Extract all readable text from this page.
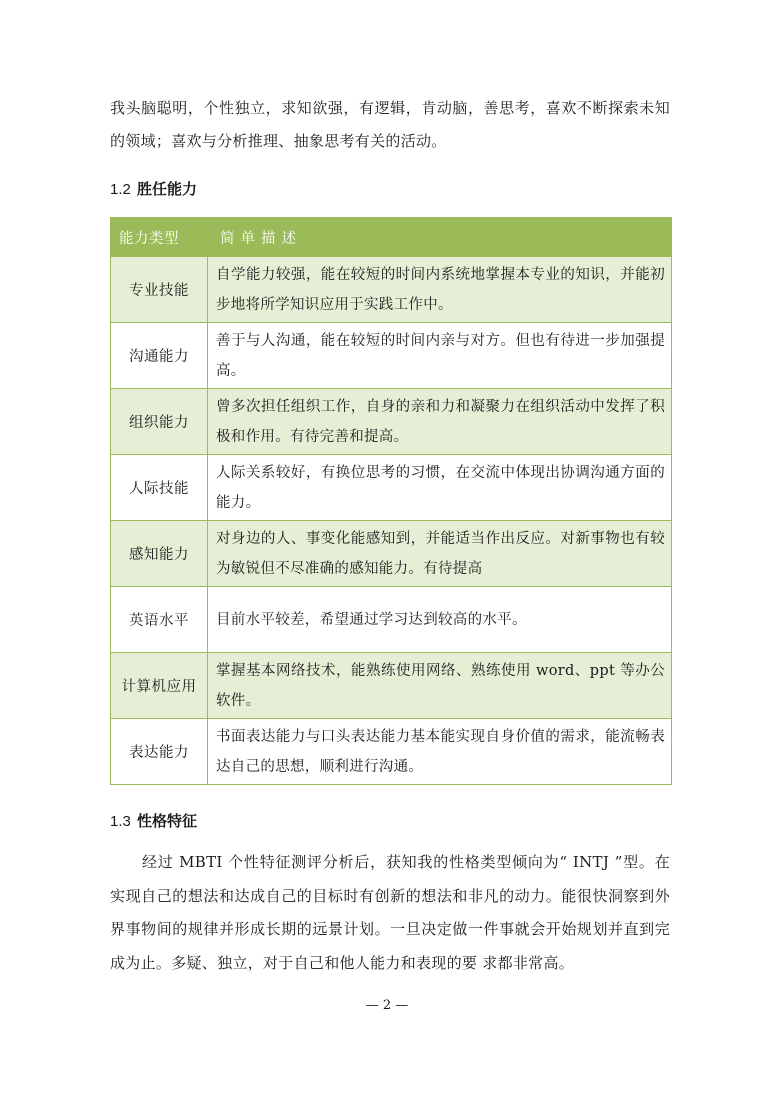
我头脑聪明，个性独立，求知欲强，有逻辑，肯动脑，善思考，喜欢不断探索未知的领域；喜欢与分析推理、抽象思考有关的活动。

1.2 胜任能力
能力类型	简单描述
专业技能	自学能力较强，能在较短的时间内系统地掌握本专业的知识，并能初步地将所学知识应用于实践工作中。
沟通能力	善于与人沟通，能在较短的时间内亲与对方。但也有待进一步加强提高。
组织能力	曾多次担任组织工作，自身的亲和力和凝聚力在组织活动中发挥了积极和作用。有待完善和提高。
人际技能	人际关系较好，有换位思考的习惯，在交流中体现出协调沟通方面的能力。
感知能力	对身边的人、事变化能感知到，并能适当作出反应。对新事物也有较为敏锐但不尽准确的感知能力。有待提高
英语水平	目前水平较差，希望通过学习达到较高的水平。
计算机应用	掌握基本网络技术，能熟练使用网络、熟练使用 word、ppt 等办公软件。
表达能力	书面表达能力与口头表达能力基本能实现自身价值的需求，能流畅表达自己的思想，顺利进行沟通。
1.3 性格特征

经过 MBTI 个性特征测评分析后，获知我的性格类型倾向为“ INTJ ”型。在实现自己的想法和达成自己的目标时有创新的想法和非凡的动力。能很快洞察到外界事物间的规律并形成长期的远景计划。一旦决定做一件事就会开始规划并直到完成为止。多疑、独立，对于自己和他人能力和表现的要 求都非常高。

— 2 —
